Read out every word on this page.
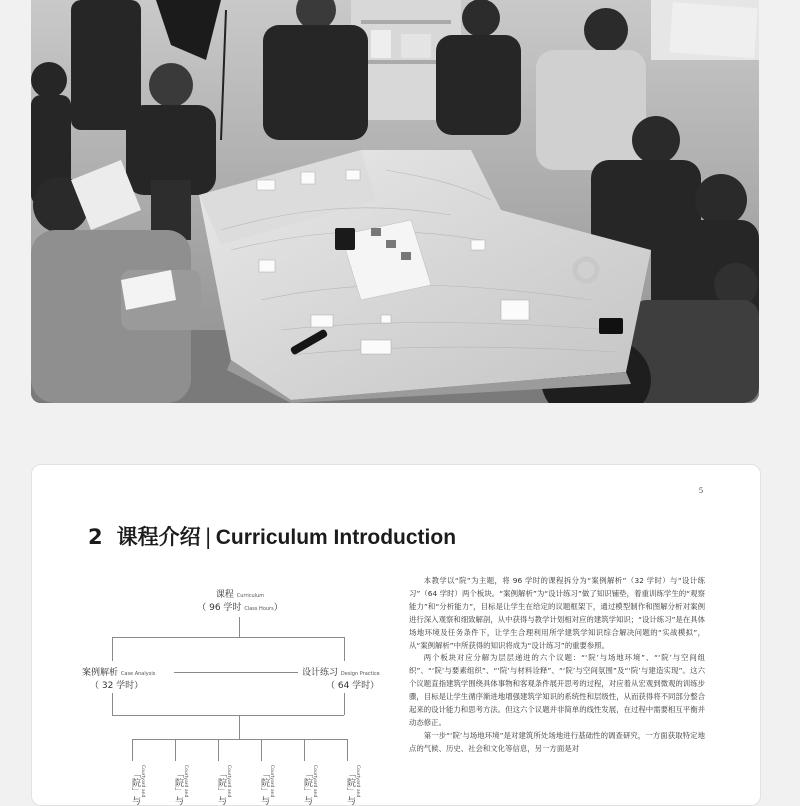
5
2 课程介绍 | Curriculum Introduction
课程 Curriculum
（ 96 学时 Class Hours）
案例解析 Case Analysis
（ 32 学时）
设计练习 Design Practice
（ 64 学时）
「院」与 Courtyard and	「院」与 Courtyard and	「院」与 Courtyard and	「院」与 Courtyard and	「院」与 Courtyard and	「院」与 Courtyard and

本教学以“院”为主题，将 96 学时的课程拆分为“案例解析”（32 学时）与“设计练习”（64 学时）两个板块。“案例解析”为“设计练习”做了知识铺垫，着重训练学生的“观察能力”和“分析能力”，目标是让学生在给定的议题框架下，通过模型制作和图解分析对案例进行深入观察和细致解剖，从中获得与教学计划相对应的建筑学知识；“设计练习”是在具体场地环境及任务条件下，让学生合理利用所学建筑学知识综合解决问题的“实战模拟”，从“案例解析”中所获得的知识将成为“设计练习”的重要参照。

两个板块对应分解为层层递进的六个议题：“‘院’与场地环境”、“‘院’与空间组织”、“‘院’与要素组织”、“‘院’与材料诠释”、“‘院’与空间氛围”及“‘院’与建造实现”。这六个议题直指建筑学围绕具体事物和客观条件展开思考的过程，对应着从宏观到微观的训练步骤，目标是让学生循序渐进地增强建筑学知识的系统性和层级性，从而获得将不同部分整合起来的设计能力和思考方法。但这六个议题并非简单的线性发展，在过程中需要相互平衡并动态修正。

第一步“‘院’与场地环境”是对建筑所处场地进行基础性的调查研究，一方面获取特定地点的气候、历史、社会和文化等信息，另一方面是对
